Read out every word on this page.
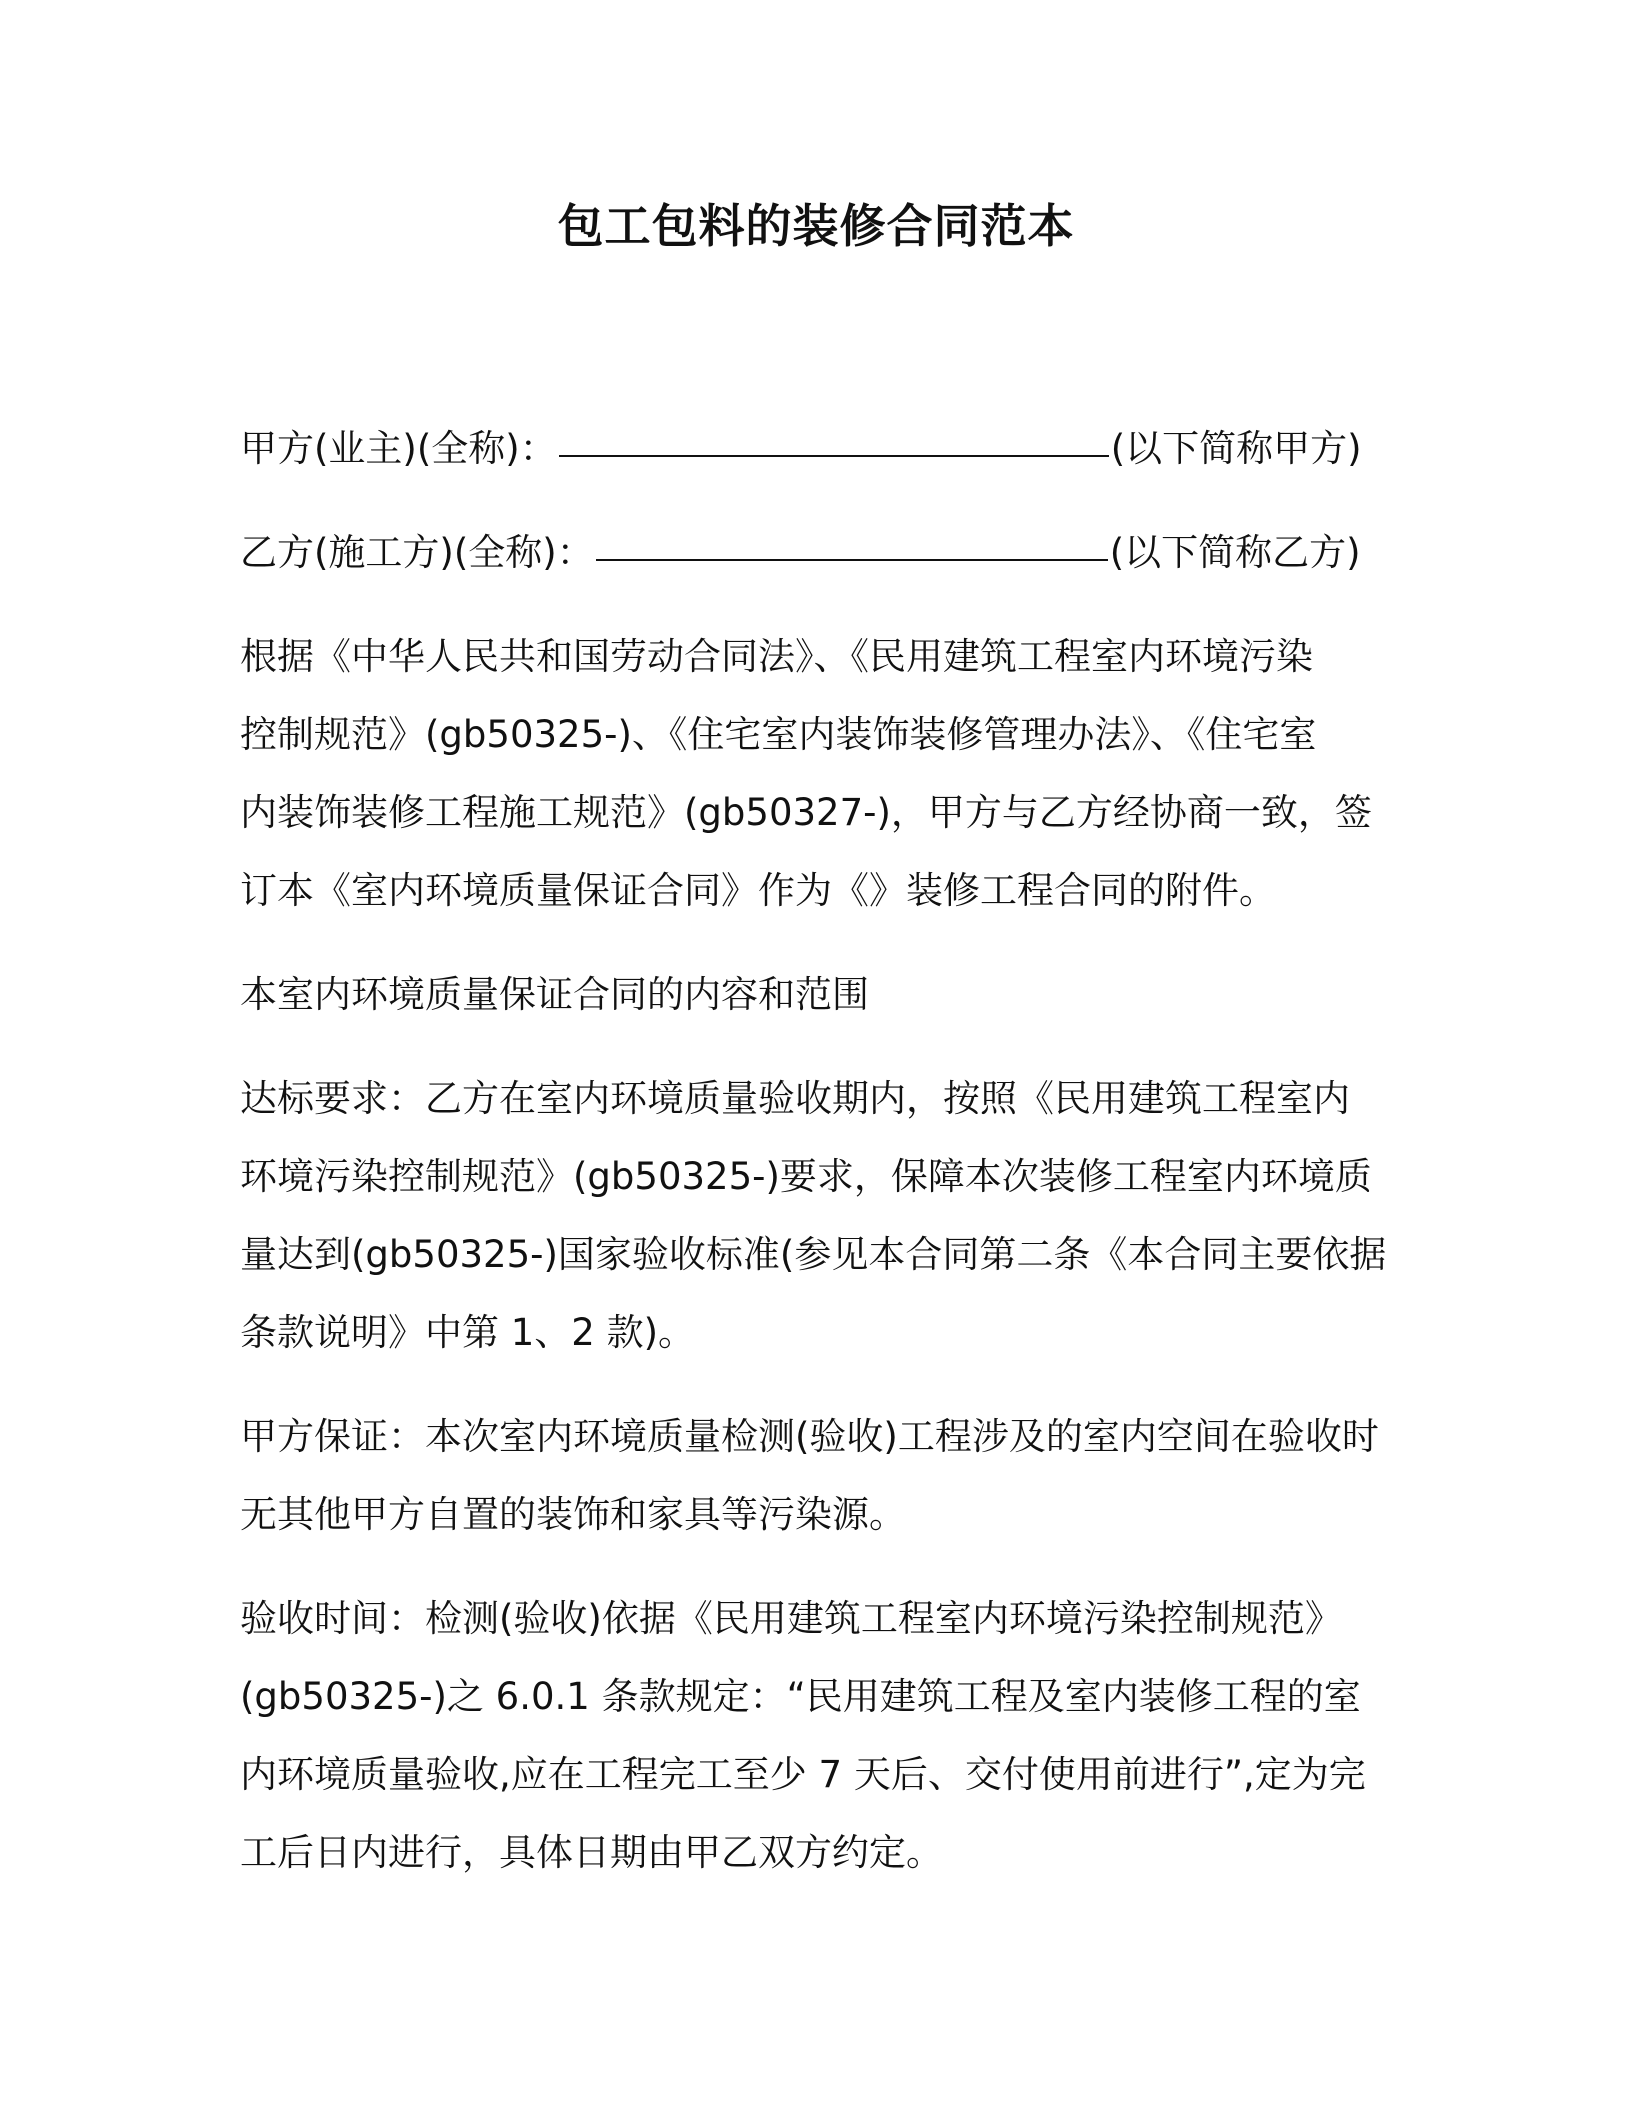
包工包料的装修合同范本
甲方(业主)(全称)：	(以下简称甲方)
乙方(施工方)(全称)：	(以下简称乙方)
根据《中华人民共和国劳动合同法》、《民用建筑工程室内环境污染
控制规范》(gb50325-)、《住宅室内装饰装修管理办法》、《住宅室
内装饰装修工程施工规范》(gb50327-)，甲方与乙方经协商一致，签
订本《室内环境质量保证合同》作为《》装修工程合同的附件。
本室内环境质量保证合同的内容和范围
达标要求：乙方在室内环境质量验收期内，按照《民用建筑工程室内
环境污染控制规范》(gb50325-)要求，保障本次装修工程室内环境质
量达到(gb50325-)国家验收标准(参见本合同第二条《本合同主要依据
条款说明》中第 1、2 款)。
甲方保证：本次室内环境质量检测(验收)工程涉及的室内空间在验收时
无其他甲方自置的装饰和家具等污染源。
验收时间：检测(验收)依据《民用建筑工程室内环境污染控制规范》
(gb50325-)之 6.0.1 条款规定：“民用建筑工程及室内装修工程的室
内环境质量验收,应在工程完工至少 7 天后、交付使用前进行”,定为完
工后日内进行，具体日期由甲乙双方约定。
